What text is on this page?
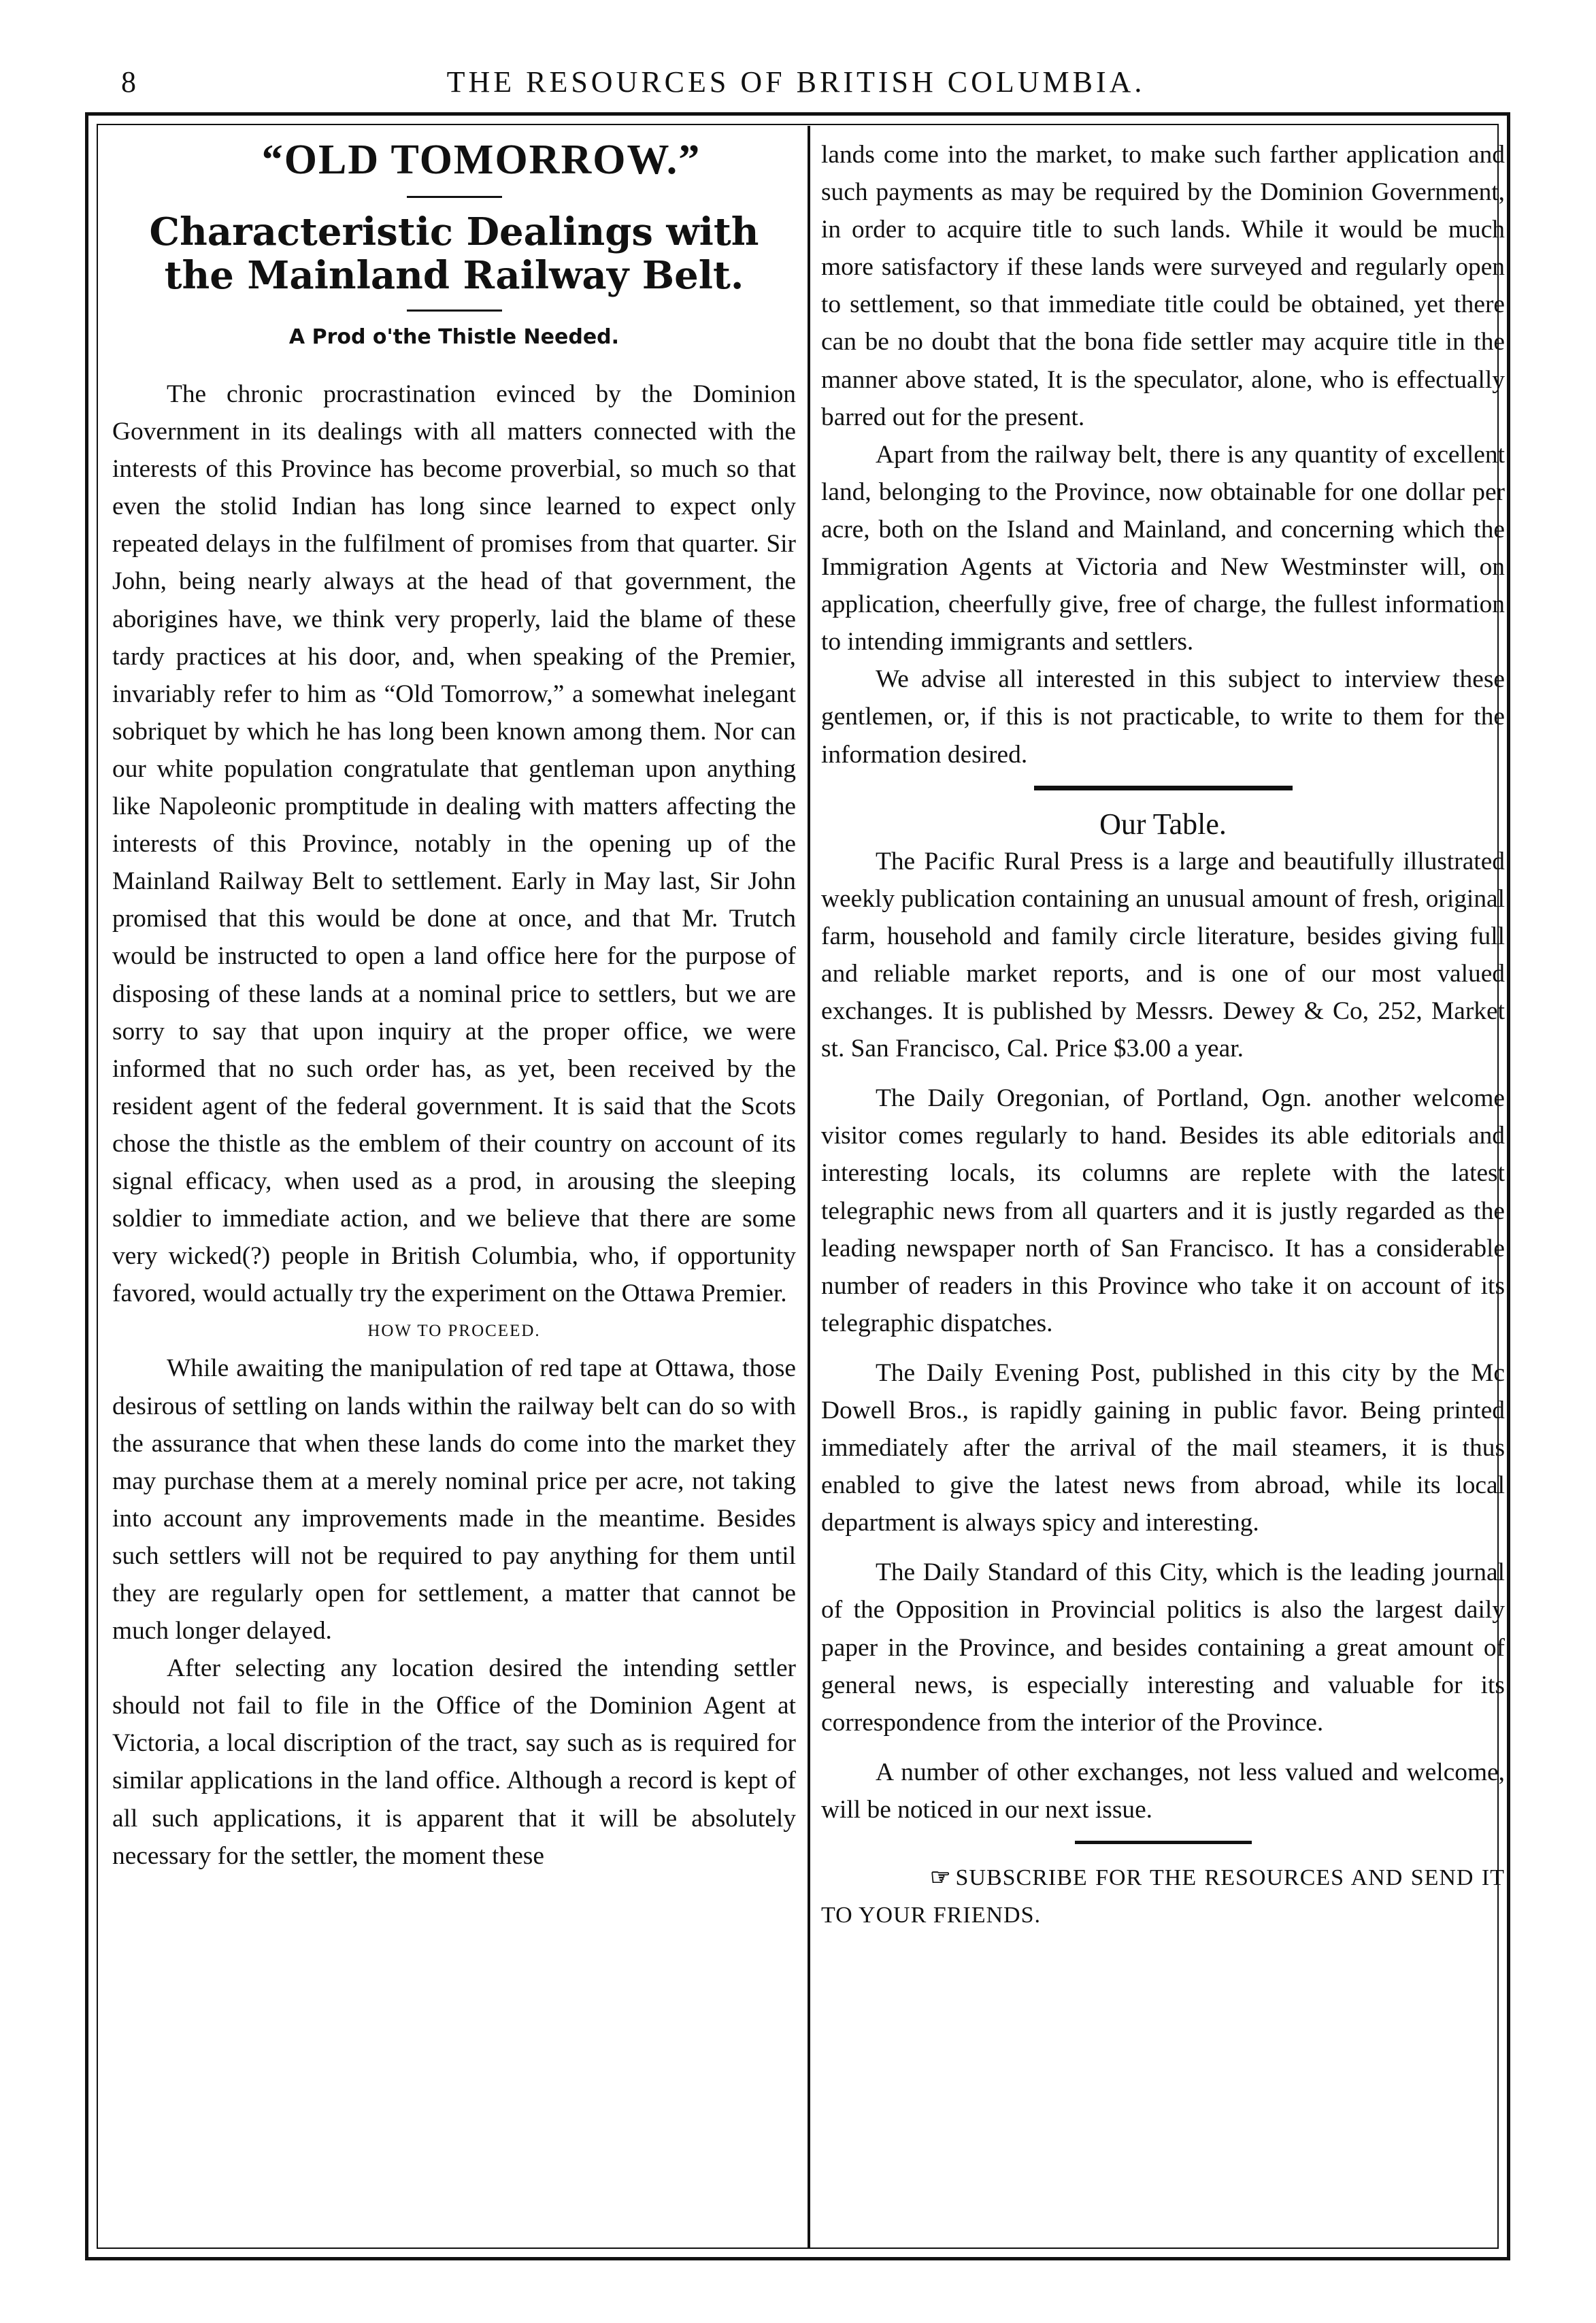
8	THE RESOURCES OF BRITISH COLUMBIA.

“OLD TOMORROW.”

Characteristic Dealings with the Mainland Railway Belt.

A Prod o'the Thistle Needed.

The chronic procrastination evinced by the Dominion Government in its dealings with all matters connected with the interests of this Province has become proverbial, so much so that even the stolid Indian has long since learned to expect only repeated delays in the fulfilment of promises from that quarter. Sir John, being nearly always at the head of that government, the aborigines have, we think very properly, laid the blame of these tardy practices at his door, and, when speaking of the Premier, invariably refer to him as “Old Tomorrow,” a somewhat inelegant sobriquet by which he has long been known among them. Nor can our white population congratulate that gentleman upon anything like Napoleonic promptitude in dealing with matters affecting the interests of this Province, notably in the opening up of the Mainland Railway Belt to settlement. Early in May last, Sir John promised that this would be done at once, and that Mr. Trutch would be instructed to open a land office here for the purpose of disposing of these lands at a nominal price to settlers, but we are sorry to say that upon inquiry at the proper office, we were informed that no such order has, as yet, been received by the resident agent of the federal government. It is said that the Scots chose the thistle as the emblem of their country on account of its signal efficacy, when used as a prod, in arousing the sleeping soldier to immediate action, and we believe that there are some very wicked(?) people in British Columbia, who, if opportunity favored, would actually try the experiment on the Ottawa Premier.

HOW TO PROCEED.

While awaiting the manipulation of red tape at Ottawa, those desirous of settling on lands within the railway belt can do so with the assurance that when these lands do come into the market they may purchase them at a merely nominal price per acre, not taking into account any improvements made in the meantime. Besides such settlers will not be required to pay anything for them until they are regularly open for settlement, a matter that cannot be much longer delayed.

After selecting any location desired the intending settler should not fail to file in the Office of the Dominion Agent at Victoria, a local discription of the tract, say such as is required for similar applications in the land office. Although a record is kept of all such applications, it is apparent that it will be absolutely necessary for the settler, the moment these

lands come into the market, to make such farther application and such payments as may be required by the Dominion Government, in order to acquire title to such lands. While it would be much more satisfactory if these lands were surveyed and regularly open to settlement, so that immediate title could be obtained, yet there can be no doubt that the bona fide settler may acquire title in the manner above stated, It is the speculator, alone, who is effectually barred out for the present.

Apart from the railway belt, there is any quantity of excellent land, belonging to the Province, now obtainable for one dollar per acre, both on the Island and Mainland, and concerning which the Immigration Agents at Victoria and New Westminster will, on application, cheerfully give, free of charge, the fullest information to intending immigrants and settlers.

We advise all interested in this subject to interview these gentlemen, or, if this is not practicable, to write to them for the information desired.

Our Table.

The Pacific Rural Press is a large and beautifully illustrated weekly publication containing an unusual amount of fresh, original farm, household and family circle literature, besides giving full and reliable market reports, and is one of our most valued exchanges. It is published by Messrs. Dewey & Co, 252, Market st. San Francisco, Cal. Price $3.00 a year.

The Daily Oregonian, of Portland, Ogn. another welcome visitor comes regularly to hand. Besides its able editorials and interesting locals, its columns are replete with the latest telegraphic news from all quarters and it is justly regarded as the leading newspaper north of San Francisco. It has a considerable number of readers in this Province who take it on account of its telegraphic dispatches.

The Daily Evening Post, published in this city by the Mc Dowell Bros., is rapidly gaining in public favor. Being printed immediately after the arrival of the mail steamers, it is thus enabled to give the latest news from abroad, while its local department is always spicy and interesting.

The Daily Standard of this City, which is the leading journal of the Opposition in Provincial politics is also the largest daily paper in the Province, and besides containing a great amount of general news, is especially interesting and valuable for its correspondence from the interior of the Province.

A number of other exchanges, not less valued and welcome, will be noticed in our next issue.

☞ SUBSCRIBE FOR THE RESOURCES AND SEND IT TO YOUR FRIENDS.
